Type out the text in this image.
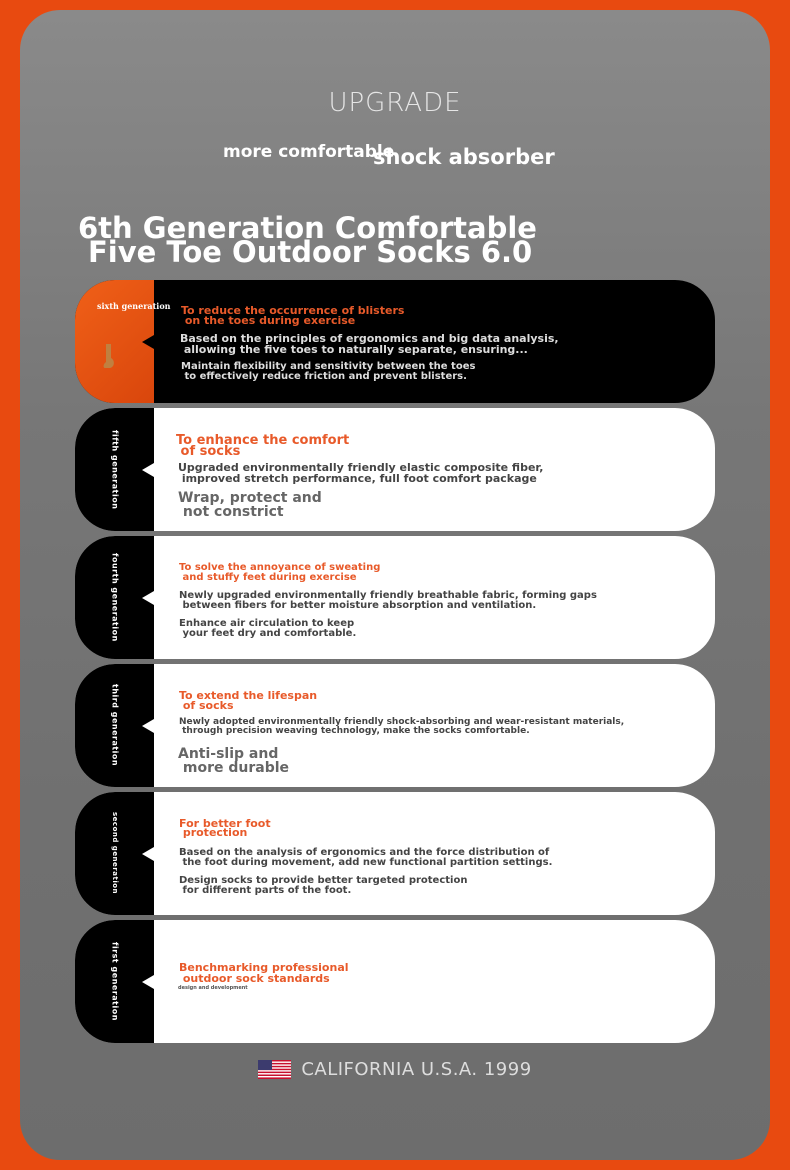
UPGRADE
more comfortable
shock absorber
6th Generation Comfortable
Five Toe Outdoor Socks 6.0
sixth generation To reduce the occurrence of blisters
on the toes during exercise
Based on the principles of ergonomics and big data analysis,
allowing the five toes to naturally separate, ensuring...
Maintain flexibility and sensitivity between the toes
to effectively reduce friction and prevent blisters.
fifth generation	To enhance the comfort
of socks
Upgraded environmentally friendly elastic composite fiber,
improved stretch performance, full foot comfort package
Wrap, protect and
not constrict
fourth generation	To solve the annoyance of sweating
and stuffy feet during exercise
Newly upgraded environmentally friendly breathable fabric, forming gaps
between fibers for better moisture absorption and ventilation.
Enhance air circulation to keep
your feet dry and comfortable.
third generation	To extend the lifespan
of socks
Newly adopted environmentally friendly shock-absorbing and wear-resistant materials,
through precision weaving technology, make the socks comfortable.
Anti-slip and
more durable
second generation	For better foot
protection
Based on the analysis of ergonomics and the force distribution of
the foot during movement, add new functional partition settings.
Design socks to provide better targeted protection
for different parts of the foot.
first generation	Benchmarking professional
outdoor sock standards
design and development
CALIFORNIA U.S.A. 1999
